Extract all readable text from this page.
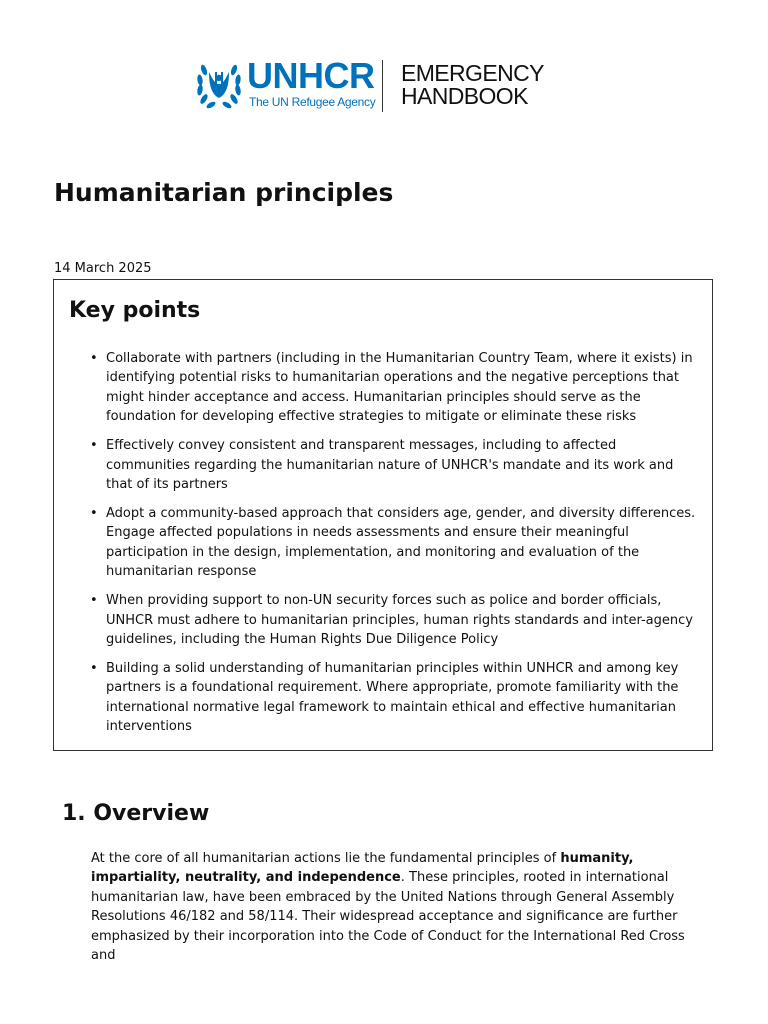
UNHCR
The UN Refugee Agency
EMERGENCY
HANDBOOK
Humanitarian principles
14 March 2025
Key points
• Collaborate with partners (including in the Humanitarian Country Team, where it exists) in identifying potential risks to humanitarian operations and the negative perceptions that might hinder acceptance and access. Humanitarian principles should serve as the foundation for developing effective strategies to mitigate or eliminate these risks
• Effectively convey consistent and transparent messages, including to affected communities regarding the humanitarian nature of UNHCR's mandate and its work and that of its partners
• Adopt a community-based approach that considers age, gender, and diversity differences. Engage affected populations in needs assessments and ensure their meaningful participation in the design, implementation, and monitoring and evaluation of the humanitarian response
• When providing support to non-UN security forces such as police and border officials, UNHCR must adhere to humanitarian principles, human rights standards and inter-agency guidelines, including the Human Rights Due Diligence Policy
• Building a solid understanding of humanitarian principles within UNHCR and among key partners is a foundational requirement. Where appropriate, promote familiarity with the international normative legal framework to maintain ethical and effective humanitarian interventions
1. Overview

At the core of all humanitarian actions lie the fundamental principles of humanity, impartiality, neutrality, and independence. These principles, rooted in international humanitarian law, have been embraced by the United Nations through General Assembly Resolutions 46/182 and 58/114. Their widespread acceptance and significance are further emphasized by their incorporation into the Code of Conduct for the International Red Cross and
